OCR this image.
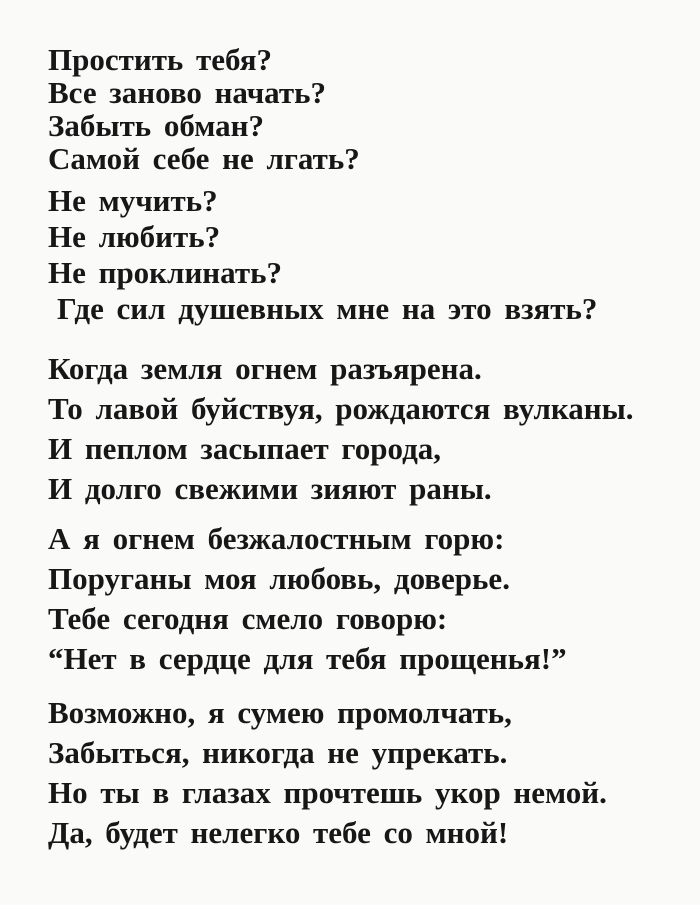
Простить тебя?
Все заново начать?
Забыть обман?
Самой себе не лгать?
Не мучить?
Не любить?
Не проклинать?
Где сил душевных мне на это взять?
Когда земля огнем разъярена.
То лавой буйствуя, рождаются вулканы.
И пеплом засыпает города,
И долго свежими зияют раны.
А я огнем безжалостным горю:
Поруганы моя любовь, доверье.
Тебе сегодня смело говорю:
“Нет в сердце для тебя прощенья!”
Возможно, я сумею промолчать,
Забыться, никогда не упрекать.
Но ты в глазах прочтешь укор немой.
Да, будет нелегко тебе со мной!
